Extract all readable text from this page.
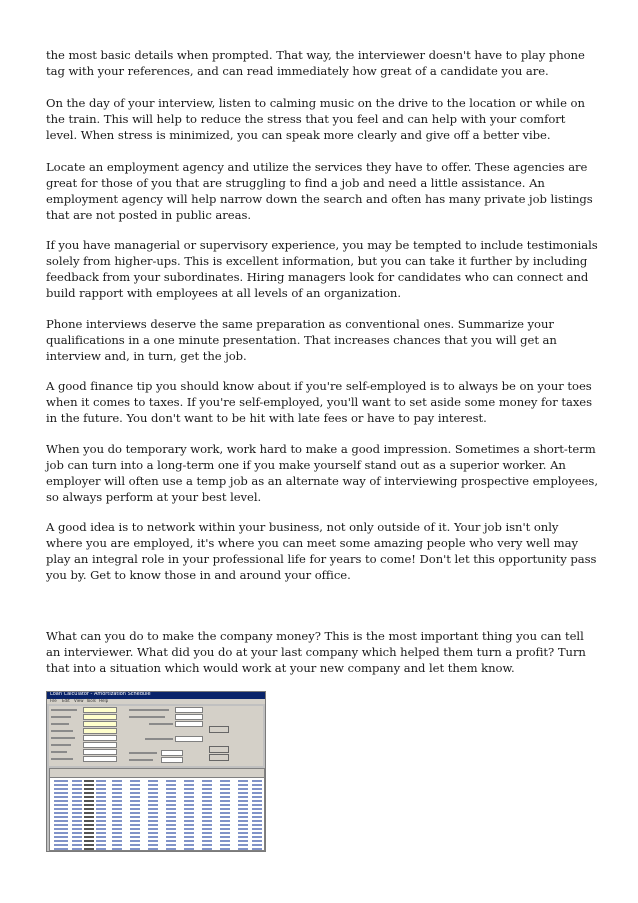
the most basic details when prompted. That way, the interviewer doesn't have to play phone tag with your references, and can read immediately how great of a candidate you are.

On the day of your interview, listen to calming music on the drive to the location or while on the train. This will help to reduce the stress that you feel and can help with your comfort level. When stress is minimized, you can speak more clearly and give off a better vibe.

Locate an employment agency and utilize the services they have to offer. These agencies are great for those of you that are struggling to find a job and need a little assistance. An employment agency will help narrow down the search and often has many private job listings that are not posted in public areas.

If you have managerial or supervisory experience, you may be tempted to include testimonials solely from higher-ups. This is excellent information, but you can take it further by including feedback from your subordinates. Hiring managers look for candidates who can connect and build rapport with employees at all levels of an organization.

Phone interviews deserve the same preparation as conventional ones. Summarize your qualifications in a one minute presentation. That increases chances that you will get an interview and, in turn, get the job.

A good finance tip you should know about if you're self-employed is to always be on your toes when it comes to taxes. If you're self-employed, you'll want to set aside some money for taxes in the future. You don't want to be hit with late fees or have to pay interest.

When you do temporary work, work hard to make a good impression. Sometimes a short-term job can turn into a long-term one if you make yourself stand out as a superior worker. An employer will often use a temp job as an alternate way of interviewing prospective employees, so always perform at your best level.

A good idea is to network within your business, not only outside of it. Your job isn't only where you are employed, it's where you can meet some amazing people who very well may play an integral role in your professional life for years to come! Don't let this opportunity pass you by. Get to know those in and around your office.

What can you do to make the company money? This is the most important thing you can tell an interviewer. What did you do at your last company which helped them turn a profit? Turn that into a situation which would work at your new company and let them know.

Loan Calculator - Amortization Schedule
File Edit View Tools Help
